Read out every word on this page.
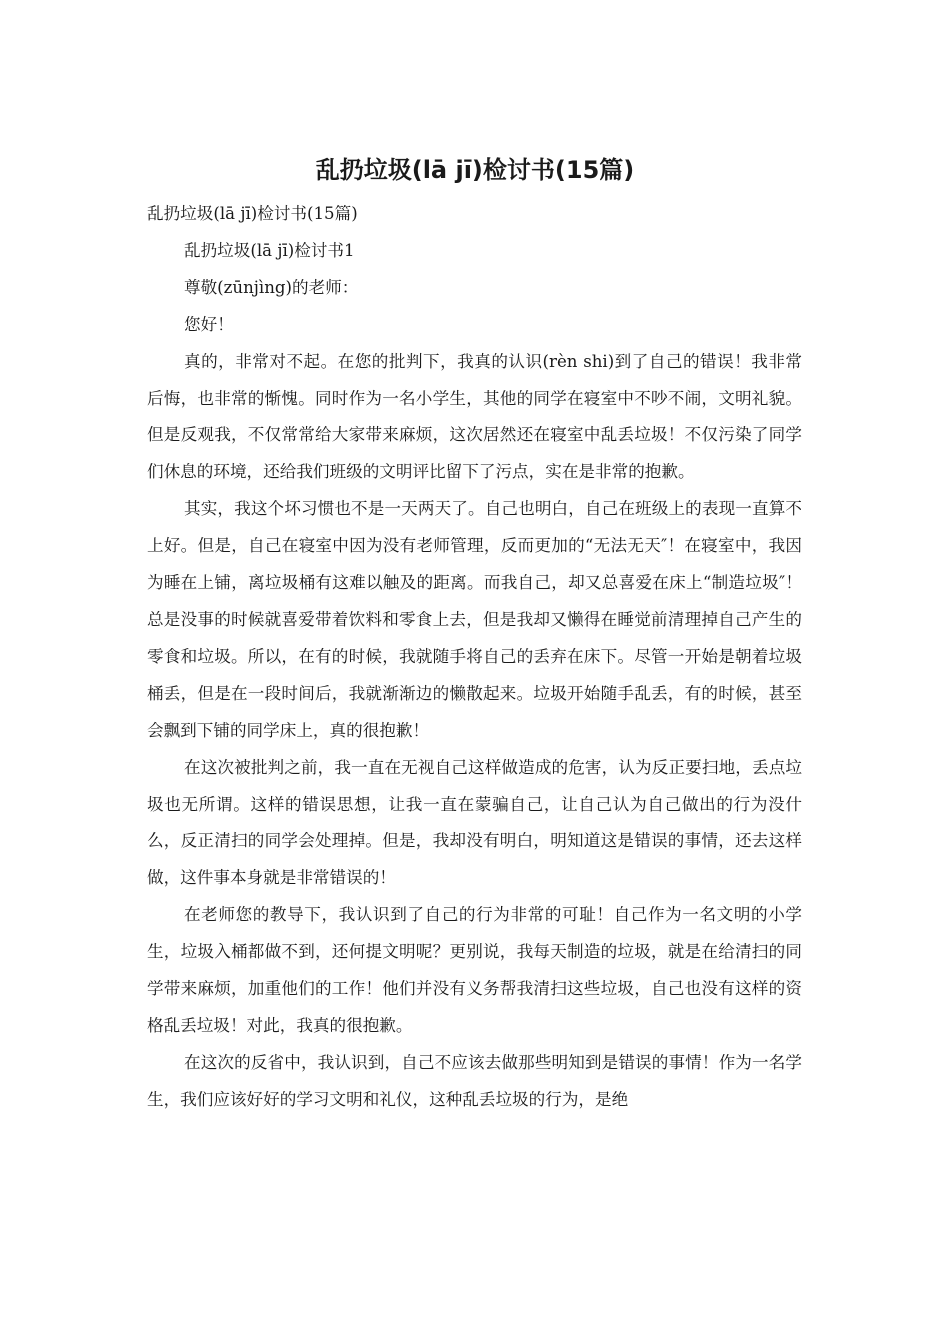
乱扔垃圾(lā jī)检讨书(15篇)

乱扔垃圾(lā jī)检讨书(15篇)

乱扔垃圾(lā jī)检讨书1

尊敬(zūnjìng)的老师：

您好！

真的，非常对不起。在您的批判下，我真的认识(rèn shi)到了自己的错误！我非常后悔，也非常的惭愧。同时作为一名小学生，其他的同学在寝室中不吵不闹，文明礼貌。但是反观我，不仅常常给大家带来麻烦，这次居然还在寝室中乱丢垃圾！不仅污染了同学们休息的环境，还给我们班级的文明评比留下了污点，实在是非常的抱歉。

其实，我这个坏习惯也不是一天两天了。自己也明白，自己在班级上的表现一直算不上好。但是，自己在寝室中因为没有老师管理，反而更加的“无法无天″！在寝室中，我因为睡在上铺，离垃圾桶有这难以触及的距离。而我自己，却又总喜爱在床上“制造垃圾″！总是没事的时候就喜爱带着饮料和零食上去，但是我却又懒得在睡觉前清理掉自己产生的零食和垃圾。所以，在有的时候，我就随手将自己的丢弃在床下。尽管一开始是朝着垃圾桶丢，但是在一段时间后，我就渐渐边的懒散起来。垃圾开始随手乱丢，有的时候，甚至会飘到下铺的同学床上，真的很抱歉！

在这次被批判之前，我一直在无视自己这样做造成的危害，认为反正要扫地，丢点垃圾也无所谓。这样的错误思想，让我一直在蒙骗自己，让自己认为自己做出的行为没什么，反正清扫的同学会处理掉。但是，我却没有明白，明知道这是错误的事情，还去这样做，这件事本身就是非常错误的！

在老师您的教导下，我认识到了自己的行为非常的可耻！自己作为一名文明的小学生，垃圾入桶都做不到，还何提文明呢？更别说，我每天制造的垃圾，就是在给清扫的同学带来麻烦，加重他们的工作！他们并没有义务帮我清扫这些垃圾，自己也没有这样的资格乱丢垃圾！对此，我真的很抱歉。

在这次的反省中，我认识到，自己不应该去做那些明知到是错误的事情！作为一名学生，我们应该好好的学习文明和礼仪，这种乱丢垃圾的行为，是绝
